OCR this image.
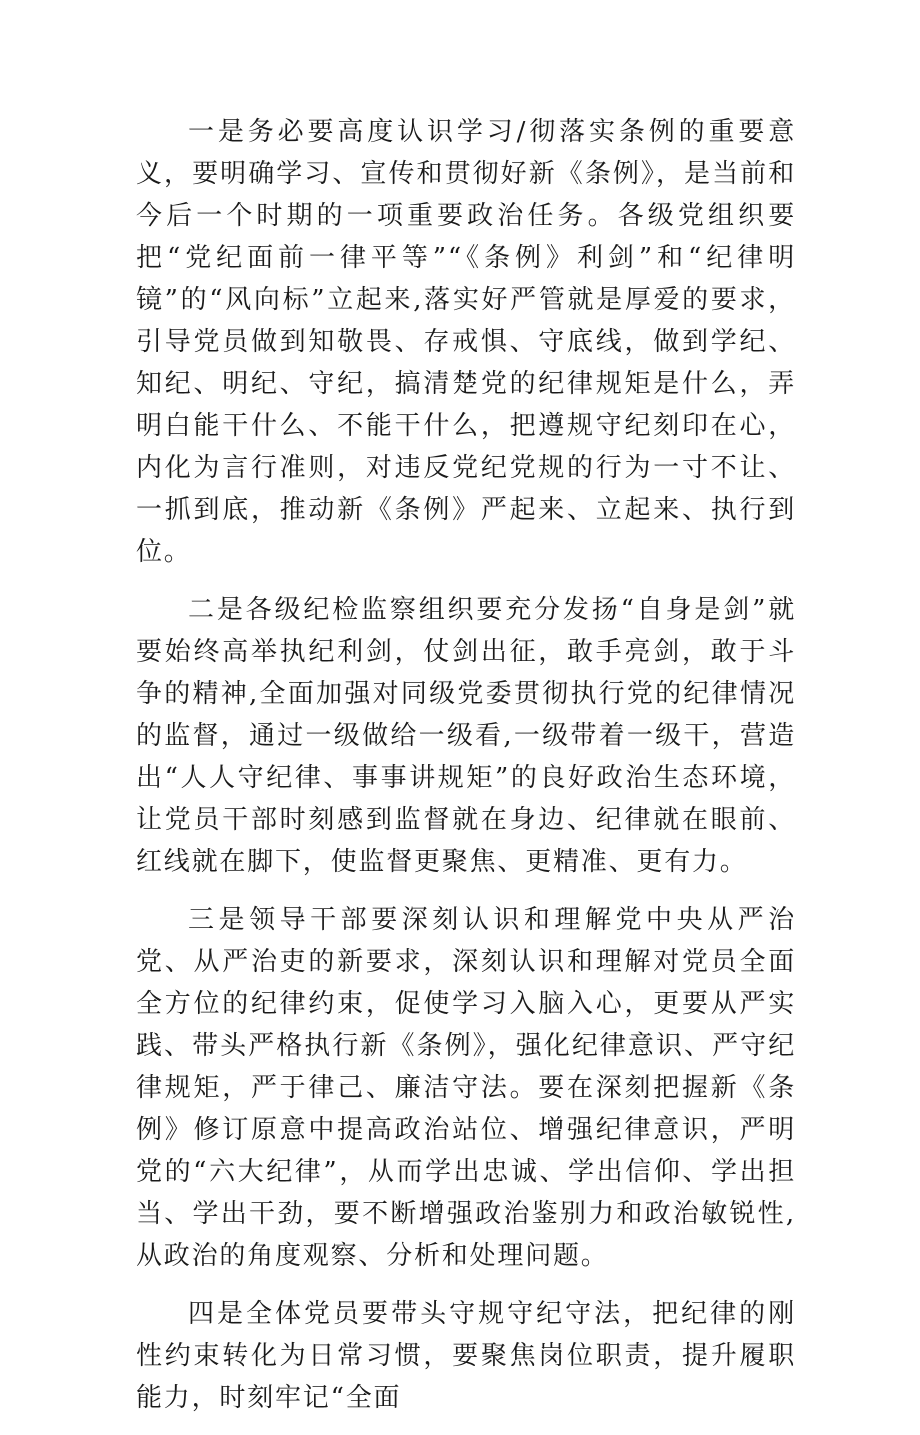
一是务必要高度认识学习/彻落实条例的重要意义，要明确学习、宣传和贯彻好新《条例》，是当前和今后一个时期的一项重要政治任务。各级党组织要把“党纪面前一律平等”“《条例》利剑”和“纪律明镜”的“风向标”立起来,落实好严管就是厚爱的要求，引导党员做到知敬畏、存戒惧、守底线，做到学纪、知纪、明纪、守纪，搞清楚党的纪律规矩是什么，弄明白能干什么、不能干什么，把遵规守纪刻印在心，内化为言行准则，对违反党纪党规的行为一寸不让、一抓到底，推动新《条例》严起来、立起来、执行到位。

二是各级纪检监察组织要充分发扬“自身是剑”就要始终高举执纪利剑，仗剑出征，敢手亮剑，敢于斗争的精神,全面加强对同级党委贯彻执行党的纪律情况的监督，通过一级做给一级看,一级带着一级干，营造出“人人守纪律、事事讲规矩”的良好政治生态环境，让党员干部时刻感到监督就在身边、纪律就在眼前、红线就在脚下，使监督更聚焦、更精准、更有力。

三是领导干部要深刻认识和理解党中央从严治党、从严治吏的新要求，深刻认识和理解对党员全面全方位的纪律约束，促使学习入脑入心，更要从严实践、带头严格执行新《条例》，强化纪律意识、严守纪律规矩，严于律己、廉洁守法。要在深刻把握新《条例》修订原意中提高政治站位、增强纪律意识，严明党的“六大纪律”，从而学出忠诚、学出信仰、学出担当、学出干劲，要不断增强政治鉴别力和政治敏锐性,从政治的角度观察、分析和处理问题。

四是全体党员要带头守规守纪守法，把纪律的刚性约束转化为日常习惯，要聚焦岗位职责，提升履职能力，时刻牢记“全面
